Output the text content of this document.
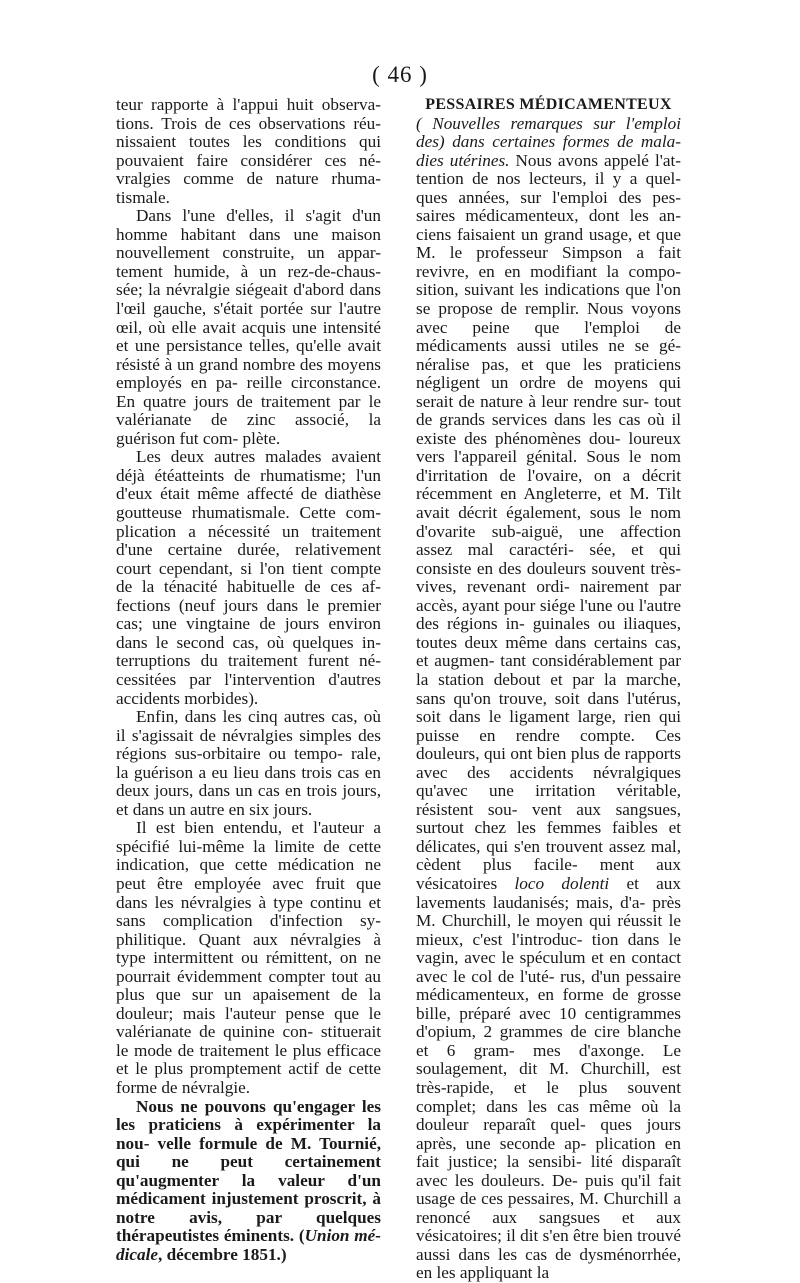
( 46 )

teur rapporte à l'appui huit observa- tions. Trois de ces observations réu- nissaient toutes les conditions qui pouvaient faire considérer ces né- vralgies comme de nature rhuma- tismale.

Dans l'une d'elles, il s'agit d'un homme habitant dans une maison nouvellement construite, un appar- tement humide, à un rez-de-chaus- sée; la névralgie siégeait d'abord dans l'œil gauche, s'était portée sur l'autre œil, où elle avait acquis une intensité et une persistance telles, qu'elle avait résisté à un grand nombre des moyens employés en pa- reille circonstance. En quatre jours de traitement par le valérianate de zinc associé, la guérison fut com- plète.

Les deux autres malades avaient déjà étéatteints de rhumatisme; l'un d'eux était même affecté de diathèse goutteuse rhumatismale. Cette com- plication a nécessité un traitement d'une certaine durée, relativement court cependant, si l'on tient compte de la ténacité habituelle de ces af- fections (neuf jours dans le premier cas; une vingtaine de jours environ dans le second cas, où quelques in- terruptions du traitement furent né- cessitées par l'intervention d'autres accidents morbides).

Enfin, dans les cinq autres cas, où il s'agissait de névralgies simples des régions sus-orbitaire ou tempo- rale, la guérison a eu lieu dans trois cas en deux jours, dans un cas en trois jours, et dans un autre en six jours.

Il est bien entendu, et l'auteur a spécifié lui-même la limite de cette indication, que cette médication ne peut être employée avec fruit que dans les névralgies à type continu et sans complication d'infection sy- philitique. Quant aux névralgies à type intermittent ou rémittent, on ne pourrait évidemment compter tout au plus que sur un apaisement de la douleur; mais l'auteur pense que le valérianate de quinine con- stituerait le mode de traitement le plus efficace et le plus promptement actif de cette forme de névralgie.

Nous ne pouvons qu'engager les les praticiens à expérimenter la nou- velle formule de M. Tournié, qui ne peut certainement qu'augmenter la valeur d'un médicament injustement proscrit, à notre avis, par quelques thérapeutistes éminents. (Union mé- dicale, décembre 1851.)

PESSAIRES MÉDICAMENTEUX

( Nouvelles remarques sur l'emploi des) dans certaines formes de mala- dies utérines. Nous avons appelé l'at- tention de nos lecteurs, il y a quel- ques années, sur l'emploi des pes- saires médicamenteux, dont les an- ciens faisaient un grand usage, et que M. le professeur Simpson a fait revivre, en en modifiant la compo- sition, suivant les indications que l'on se propose de remplir. Nous voyons avec peine que l'emploi de médicaments aussi utiles ne se gé- néralise pas, et que les praticiens négligent un ordre de moyens qui serait de nature à leur rendre sur- tout de grands services dans les cas où il existe des phénomènes dou- loureux vers l'appareil génital. Sous le nom d'irritation de l'ovaire, on a décrit récemment en Angleterre, et M. Tilt avait décrit également, sous le nom d'ovarite sub-aiguë, une affection assez mal caractéri- sée, et qui consiste en des douleurs souvent très-vives, revenant ordi- nairement par accès, ayant pour siége l'une ou l'autre des régions in- guinales ou iliaques, toutes deux même dans certains cas, et augmen- tant considérablement par la station debout et par la marche, sans qu'on trouve, soit dans l'utérus, soit dans le ligament large, rien qui puisse en rendre compte. Ces douleurs, qui ont bien plus de rapports avec des accidents névralgiques qu'avec une irritation véritable, résistent sou- vent aux sangsues, surtout chez les femmes faibles et délicates, qui s'en trouvent assez mal, cèdent plus facile- ment aux vésicatoires loco dolenti et aux lavements laudanisés; mais, d'a- près M. Churchill, le moyen qui réussit le mieux, c'est l'introduc- tion dans le vagin, avec le spéculum et en contact avec le col de l'uté- rus, d'un pessaire médicamenteux, en forme de grosse bille, préparé avec 10 centigrammes d'opium, 2 grammes de cire blanche et 6 gram- mes d'axonge. Le soulagement, dit M. Churchill, est très-rapide, et le plus souvent complet; dans les cas même où la douleur reparaît quel- ques jours après, une seconde ap- plication en fait justice; la sensibi- lité disparaît avec les douleurs. De- puis qu'il fait usage de ces pessaires, M. Churchill a renoncé aux sangsues et aux vésicatoires; il dit s'en être bien trouvé aussi dans les cas de dysménorrhée, en les appliquant la
